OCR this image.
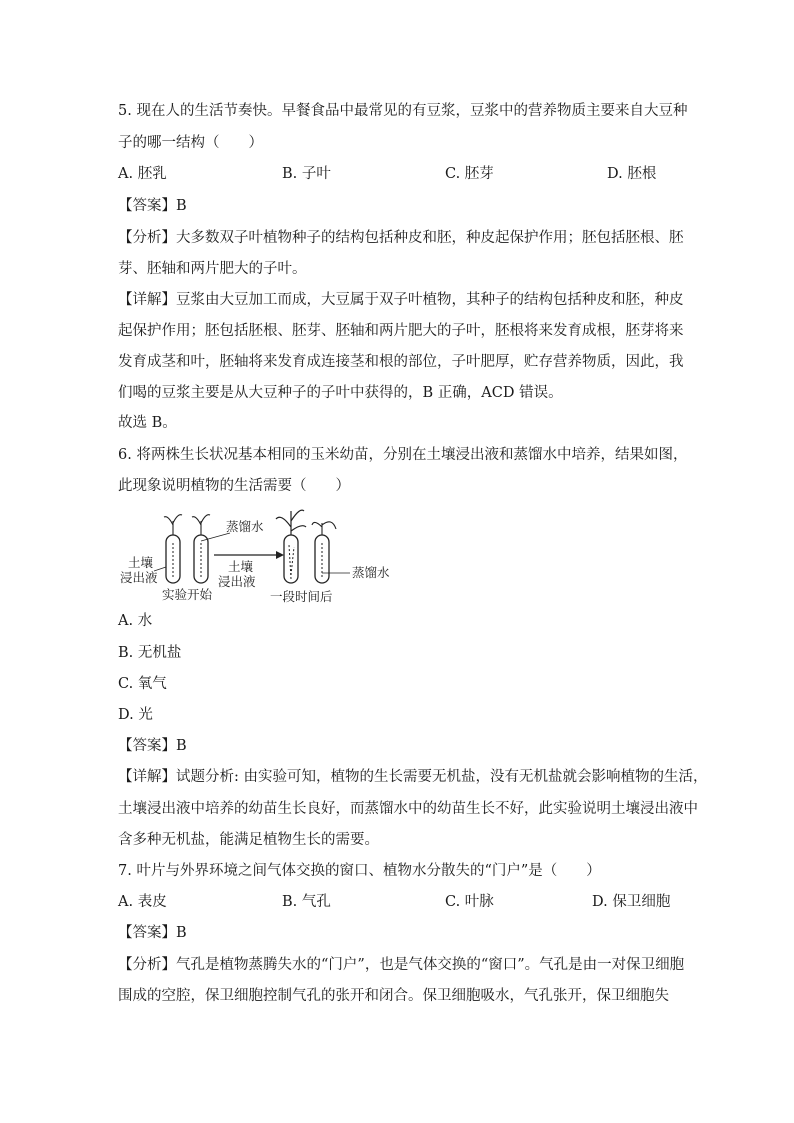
5. 现在人的生活节奏快。早餐食品中最常见的有豆浆，豆浆中的营养物质主要来自大豆种
子的哪一结构（　　）
A. 胚乳	B. 子叶	C. 胚芽	D. 胚根
【答案】B
【分析】大多数双子叶植物种子的结构包括种皮和胚，种皮起保护作用；胚包括胚根、胚
芽、胚轴和两片肥大的子叶。
【详解】豆浆由大豆加工而成，大豆属于双子叶植物，其种子的结构包括种皮和胚，种皮
起保护作用；胚包括胚根、胚芽、胚轴和两片肥大的子叶，胚根将来发育成根，胚芽将来
发育成茎和叶，胚轴将来发育成连接茎和根的部位，子叶肥厚，贮存营养物质，因此，我
们喝的豆浆主要是从大豆种子的子叶中获得的，B 正确，ACD 错误。
故选 B。
6. 将两株生长状况基本相同的玉米幼苗，分别在土壤浸出液和蒸馏水中培养，结果如图，
此现象说明植物的生活需要（　　）
蒸馏水
土壤
浸出液
土壤
浸出液
实验开始	一段时间后
蒸馏水
A. 水
B. 无机盐
C. 氧气
D. 光
【答案】B
【详解】试题分析: 由实验可知，植物的生长需要无机盐，没有无机盐就会影响植物的生活，
土壤浸出液中培养的幼苗生长良好，而蒸馏水中的幼苗生长不好，此实验说明土壤浸出液中
含多种无机盐，能满足植物生长的需要。
7. 叶片与外界环境之间气体交换的窗口、植物水分散失的“门户”是（　　）
A. 表皮	B. 气孔	C. 叶脉	D. 保卫细胞
【答案】B
【分析】气孔是植物蒸腾失水的“门户”，也是气体交换的“窗口”。气孔是由一对保卫细胞
围成的空腔，保卫细胞控制气孔的张开和闭合。保卫细胞吸水，气孔张开，保卫细胞失
